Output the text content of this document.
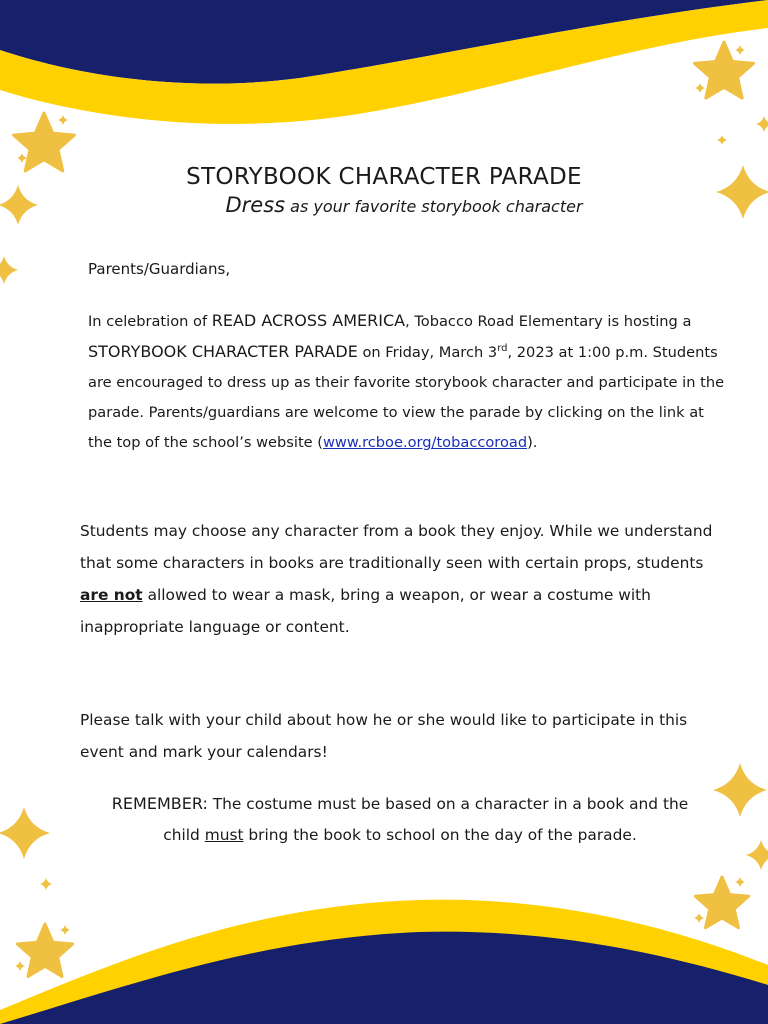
STORYBOOK CHARACTER PARADE
Dress as your favorite storybook character

Parents/Guardians,

In celebration of READ ACROSS AMERICA, Tobacco Road Elementary is hosting a STORYBOOK CHARACTER PARADE on Friday, March 3rd, 2023 at 1:00 p.m. Students are encouraged to dress up as their favorite storybook character and participate in the parade. Parents/guardians are welcome to view the parade by clicking on the link at the top of the school’s website (www.rcboe.org/tobaccoroad).

Students may choose any character from a book they enjoy. While we understand that some characters in books are traditionally seen with certain props, students are not allowed to wear a mask, bring a weapon, or wear a costume with inappropriate language or content.

Please talk with your child about how he or she would like to participate in this event and mark your calendars!

REMEMBER: The costume must be based on a character in a book and the child must bring the book to school on the day of the parade.
